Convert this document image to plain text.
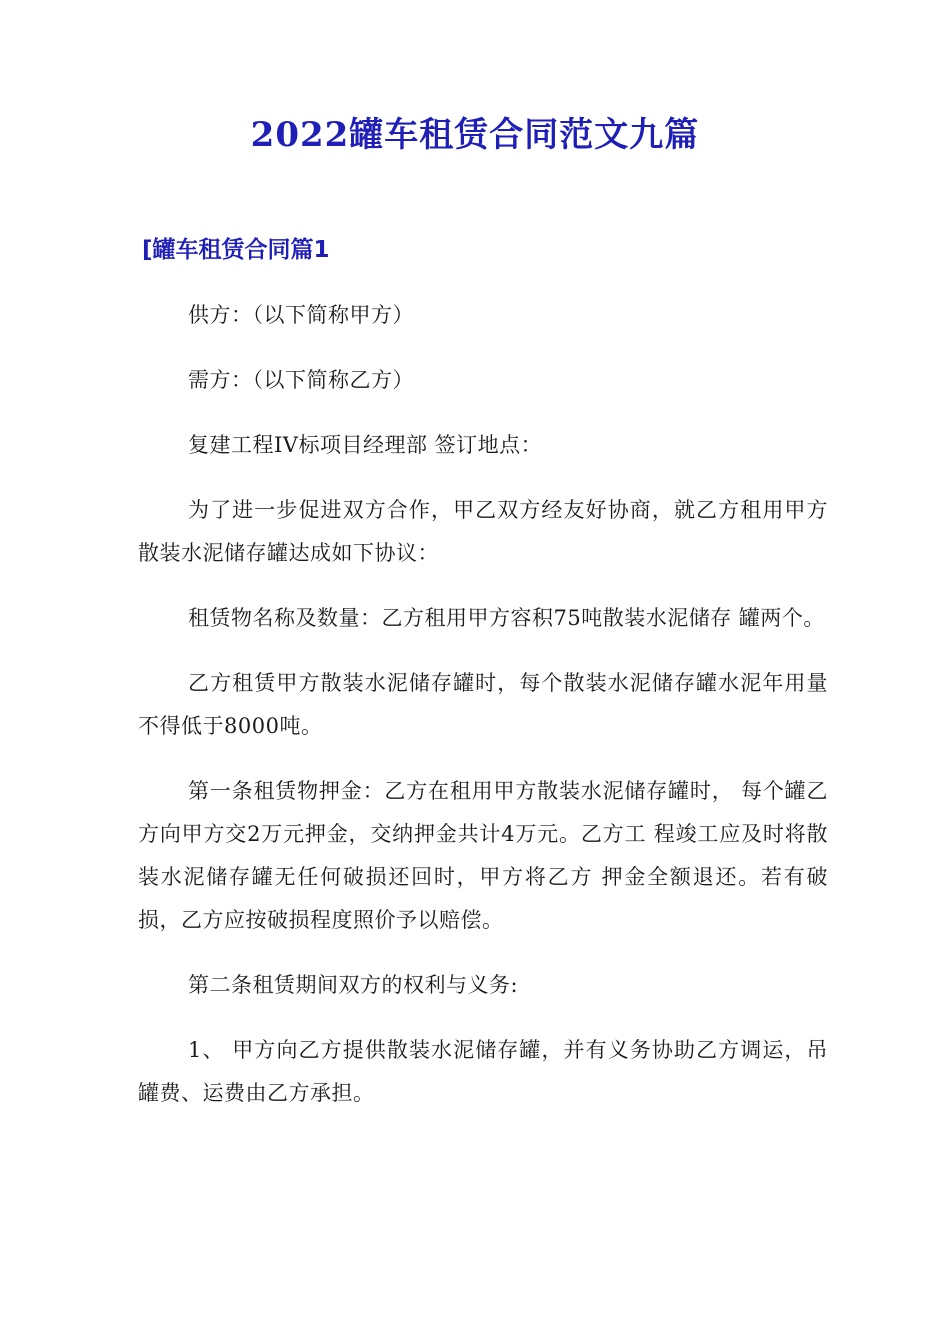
2022罐车租赁合同范文九篇
[罐车租赁合同篇1

供方：（以下简称甲方）

需方：（以下简称乙方）

复建工程IV标项目经理部 签订地点：

为了进一步促进双方合作，甲乙双方经友好协商，就乙方租用甲方散装水泥储存罐达成如下协议：

租赁物名称及数量：乙方租用甲方容积75吨散装水泥储存 罐两个。

乙方租赁甲方散装水泥储存罐时，每个散装水泥储存罐水泥年用量不得低于8000吨。

第一条租赁物押金：乙方在租用甲方散装水泥储存罐时， 每个罐乙方向甲方交2万元押金，交纳押金共计4万元。乙方工 程竣工应及时将散装水泥储存罐无任何破损还回时，甲方将乙方 押金全额退还。若有破损，乙方应按破损程度照价予以赔偿。

第二条租赁期间双方的权利与义务:

1、 甲方向乙方提供散装水泥储存罐，并有义务协助乙方调运，吊罐费、运费由乙方承担。
